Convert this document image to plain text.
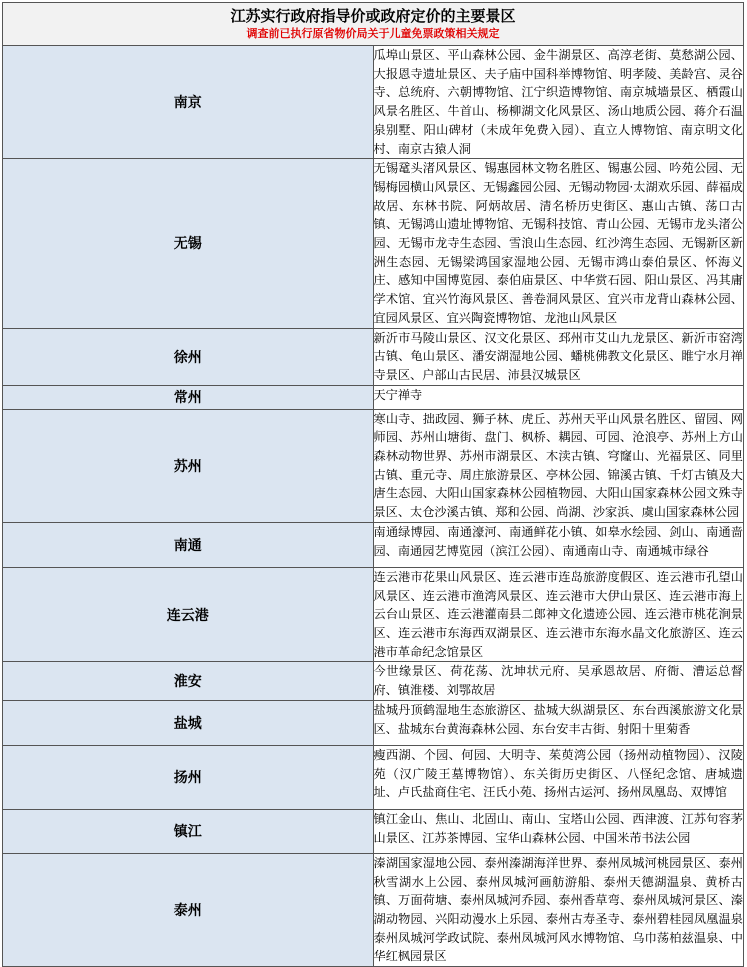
江苏实行政府指导价或政府定价的主要景区
调查前已执行原省物价局关于儿童免票政策相关规定	

南京	瓜埠山景区、平山森林公园、金牛湖景区、高淳老街、莫愁湖公园、大报恩寺遗址景区、夫子庙中国科举博物馆、明孝陵、美龄宫、灵谷寺、总统府、六朝博物馆、江宁织造博物馆、南京城墙景区、栖霞山风景名胜区、牛首山、杨柳湖文化风景区、汤山地质公园、蒋介石温泉别墅、阳山碑材（未成年免费入园）、直立人博物馆、南京明文化村、南京古猿人洞
无锡	无锡鼋头渚风景区、锡惠园林文物名胜区、锡惠公园、吟苑公园、无锡梅园横山风景区、无锡鑫园公园、无锡动物园·太湖欢乐园、薛福成故居、东林书院、阿炳故居、清名桥历史街区、惠山古镇、荡口古镇、无锡鸿山遗址博物馆、无锡科技馆、青山公园、无锡市龙头渚公园、无锡市龙寺生态园、雪浪山生态园、红沙湾生态园、无锡新区新洲生态园、无锡梁鸿国家湿地公园、无锡市鸿山泰伯景区、怀海义庄、感知中国博览园、泰伯庙景区、中华赏石园、阳山景区、冯其庸学术馆、宜兴竹海风景区、善卷洞风景区、宜兴市龙背山森林公园、宜园风景区、宜兴陶瓷博物馆、龙池山风景区
徐州	新沂市马陵山景区、汉文化景区、邳州市艾山九龙景区、新沂市窑湾古镇、龟山景区、潘安湖湿地公园、蟠桃佛教文化景区、睢宁水月禅寺景区、户部山古民居、沛县汉城景区
常州	天宁禅寺
苏州	寒山寺、拙政园、狮子林、虎丘、苏州天平山风景名胜区、留园、网师园、苏州山塘街、盘门、枫桥、耦园、可园、沧浪亭、苏州上方山森林动物世界、苏州市湖景区、木渎古镇、穹窿山、光福景区、同里古镇、重元寺、周庄旅游景区、亭林公园、锦溪古镇、千灯古镇及大唐生态园、大阳山国家森林公园植物园、大阳山国家森林公园文殊寺景区、太仓沙溪古镇、郑和公园、尚湖、沙家浜、虞山国家森林公园
南通	南通绿博园、南通濠河、南通鲜花小镇、如皋水绘园、剑山、南通啬园、南通园艺博览园（滨江公园）、南通南山寺、南通城市绿谷
连云港	连云港市花果山风景区、连云港市连岛旅游度假区、连云港市孔望山风景区、连云港市渔湾风景区、连云港市大伊山景区、连云港市海上云台山景区、连云港灌南县二郎神文化遗迹公园、连云港市桃花涧景区、连云港市东海西双湖景区、连云港市东海水晶文化旅游区、连云港市革命纪念馆景区
淮安	今世缘景区、荷花荡、沈坤状元府、吴承恩故居、府衙、漕运总督府、镇淮楼、刘鄂故居
盐城	盐城丹顶鹤湿地生态旅游区、盐城大纵湖景区、东台西溪旅游文化景区、盐城东台黄海森林公园、东台安丰古街、射阳十里菊香
扬州	瘦西湖、个园、何园、大明寺、茱萸湾公园（扬州动植物园）、汉陵苑（汉广陵王墓博物馆）、东关街历史街区、八怪纪念馆、唐城遗址、卢氏盐商住宅、汪氏小苑、扬州古运河、扬州凤凰岛、双博馆
镇江	镇江金山、焦山、北固山、南山、宝塔山公园、西津渡、江苏句容茅山景区、江苏茶博园、宝华山森林公园、中国米芾书法公园
泰州	溱湖国家湿地公园、泰州溱湖海洋世界、泰州凤城河桃园景区、泰州秋雪湖水上公园、泰州凤城河画舫游船、泰州天德湖温泉、黄桥古镇、万面荷塘、泰州凤城河乔园、泰州香草弯、泰州凤城河景区、溱湖动物园、兴阳动漫水上乐园、泰州古寿圣寺、泰州碧桂园凤凰温泉泰州凤城河学政试院、泰州凤城河风水博物馆、乌巾荡柏兹温泉、中华红枫园景区
